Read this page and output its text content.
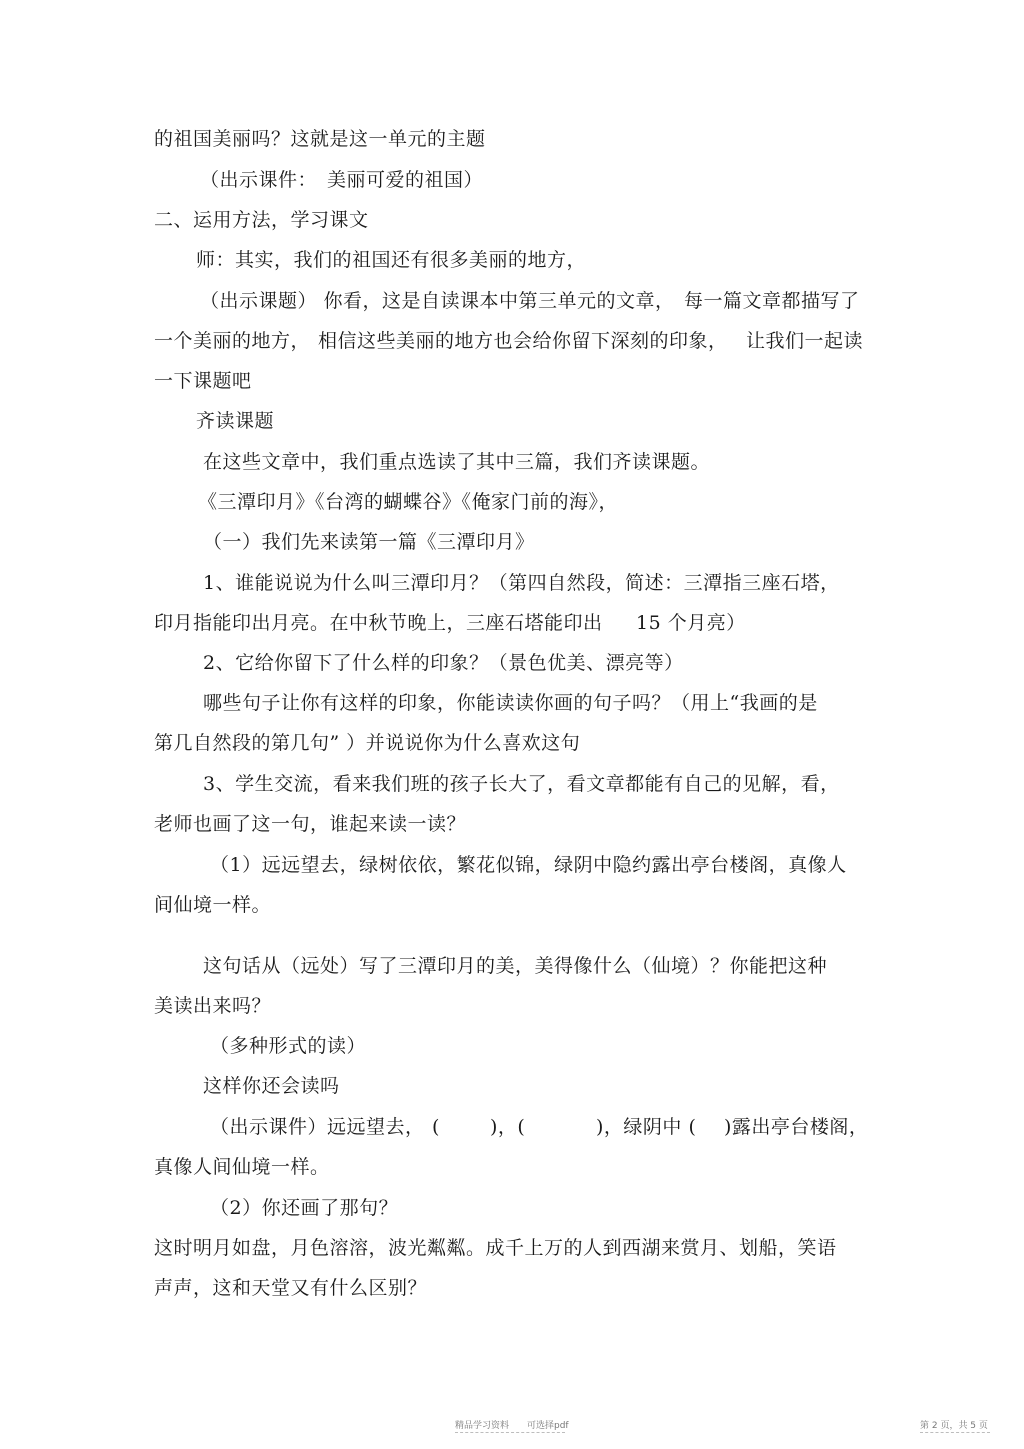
的祖国美丽吗？这就是这一单元的主题
（出示课件：　美丽可爱的祖国）
二、运用方法，学习课文
师：其实，我们的祖国还有很多美丽的地方，
（出示课题） 你看，这是自读课本中第三单元的文章， 每一篇文章都描写了
一个美丽的地方， 相信这些美丽的地方也会给你留下深刻的印象， 让我们一起读
一下课题吧
齐读课题
在这些文章中，我们重点选读了其中三篇，我们齐读课题。
《三潭印月》《台湾的蝴蝶谷》《俺家门前的海》，
（一）我们先来读第一篇《三潭印月》
1、谁能说说为什么叫三潭印月？（第四自然段，简述：三潭指三座石塔，
印月指能印出月亮。在中秋节晚上，三座石塔能印出 15 个月亮）
2、它给你留下了什么样的印象？（景色优美、漂亮等）
哪些句子让你有这样的印象，你能读读你画的句子吗？（用上“我画的是
第几自然段的第几句” ）并说说你为什么喜欢这句
3、学生交流，看来我们班的孩子长大了，看文章都能有自己的见解，看，
老师也画了这一句，谁起来读一读？
（1）远远望去，绿树依依，繁花似锦，绿阴中隐约露出亭台楼阁，真像人
间仙境一样。
这句话从（远处）写了三潭印月的美，美得像什么（仙境）？你能把这种
美读出来吗？
（多种形式的读）
这样你还会读吗
（出示课件）远远望去， (	)，(	)，绿阴中 ( )露出亭台楼阁，
真像人间仙境一样。
（2）你还画了那句？
这时明月如盘，月色溶溶，波光粼粼。成千上万的人到西湖来赏月、划船，笑语
声声，这和天堂又有什么区别？
精品学习资料　　可选择pdf	第 2 页，共 5 页
